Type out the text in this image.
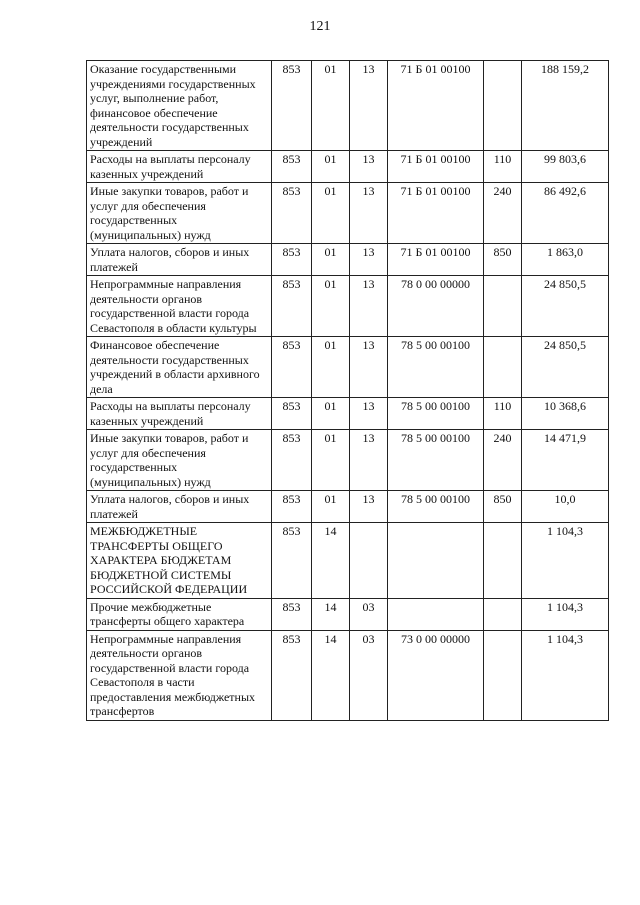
121
Оказание государственными учреждениями государственных услуг, выполнение работ, финансовое обеспечение деятельности государственных учреждений	853	01	13	71 Б 01 00100		188 159,2
Расходы на выплаты персоналу казенных учреждений	853	01	13	71 Б 01 00100	110	99 803,6
Иные закупки товаров, работ и услуг для обеспечения государственных (муниципальных) нужд	853	01	13	71 Б 01 00100	240	86 492,6
Уплата налогов, сборов и иных платежей	853	01	13	71 Б 01 00100	850	1 863,0
Непрограммные направления деятельности органов государственной власти города Севастополя в области культуры	853	01	13	78 0 00 00000		24 850,5
Финансовое обеспечение деятельности государственных учреждений в области архивного дела	853	01	13	78 5 00 00100		24 850,5
Расходы на выплаты персоналу казенных учреждений	853	01	13	78 5 00 00100	110	10 368,6
Иные закупки товаров, работ и услуг для обеспечения государственных (муниципальных) нужд	853	01	13	78 5 00 00100	240	14 471,9
Уплата налогов, сборов и иных платежей	853	01	13	78 5 00 00100	850	10,0
МЕЖБЮДЖЕТНЫЕ ТРАНСФЕРТЫ ОБЩЕГО ХАРАКТЕРА БЮДЖЕТАМ БЮДЖЕТНОЙ СИСТЕМЫ РОССИЙСКОЙ ФЕДЕРАЦИИ	853	14				1 104,3
Прочие межбюджетные трансферты общего характера	853	14	03			1 104,3
Непрограммные направления деятельности органов государственной власти города Севастополя в части предоставления межбюджетных трансфертов	853	14	03	73 0 00 00000		1 104,3
